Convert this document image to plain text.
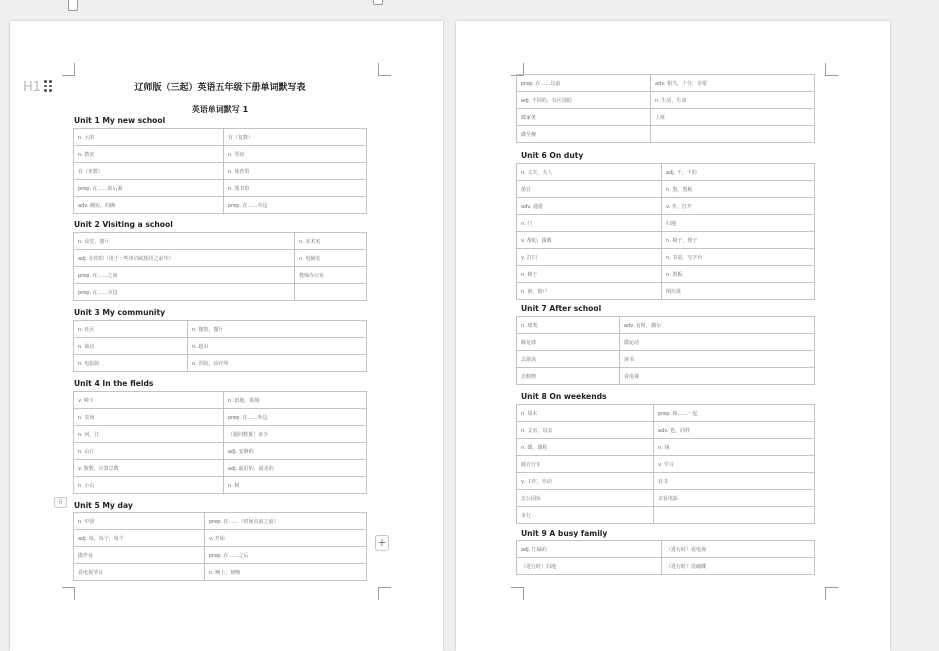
辽师版（三起）英语五年级下册单词默写表
英语单词默写 1
Unit 1 My new school
n. 大的	有（复数）
n. 教室	n. 琴房
有（单数）	n. 体育馆
prep. 在……的后面	n. 图书馆
adv. 确实，的确	prep. 在……旁边
Unit 2 Visiting a school
n. 食堂，餐厅	n. 美术室
adj. 在你的（用于一些单词或短语之前中）	n. 电脑室
prep. 在……之间	教师办公室
prep. 在……旁边	
Unit 3 My community
n. 社区	n. 餐馆，餐厅
n. 商店	n. 超市
n. 电影院	n. 医院，诊疗所
Unit 4 In the fields
v. 种下	n. 田地，领域
n. 农场	prep. 在……外边
n. 河，江	（提问数量）多少
n. 山丘	adj. 安静的
v. 数数，计算总数	adj. 最好的，最美的
n. 小山	n. 树
Unit 5 My day
n. 中国	prep. 在……（时间点前之前）
adj. 每，每个，每个	v. 开始
做作业	prep. 在……之后
看电视节目	n. 晚上，傍晚
prep. 在……以前	adv. 相当，十分，非常
adj. 不同的，有区别的	n. 生活，生命
做家务	上班
做早操	
Unit 6 On duty
n. 丈夫，夫人	adj. 干，干的
值日	n. 黑，黑板
adv. 通常	v. 开，打开
n. 门	扫地
v. 帮助，援救	n. 椅子，凳子
v. 打扫	n. 书桌，写字台
n. 椅子	n. 黑板
n. 窗，窗户	倒垃圾
Unit 7 After school
n. 球类	adv. 有时，偶尔
踢足球	做运动
去游泳	读书
去购物	看电视
Unit 8 On weekends
n. 周末	prep. 和……一起
n. 父亲，母亲	adv. 也，同样
n. 课，课程	n. 钱
骑自行车	v. 学习
v. 工作，劳动	看书
去公园玩	去看电影
步行	
Unit 9 A busy family
adj. 忙碌的	（进行时）看电视
（进行时）扫地	（进行时）洗碗碟
H1
⠿
+
